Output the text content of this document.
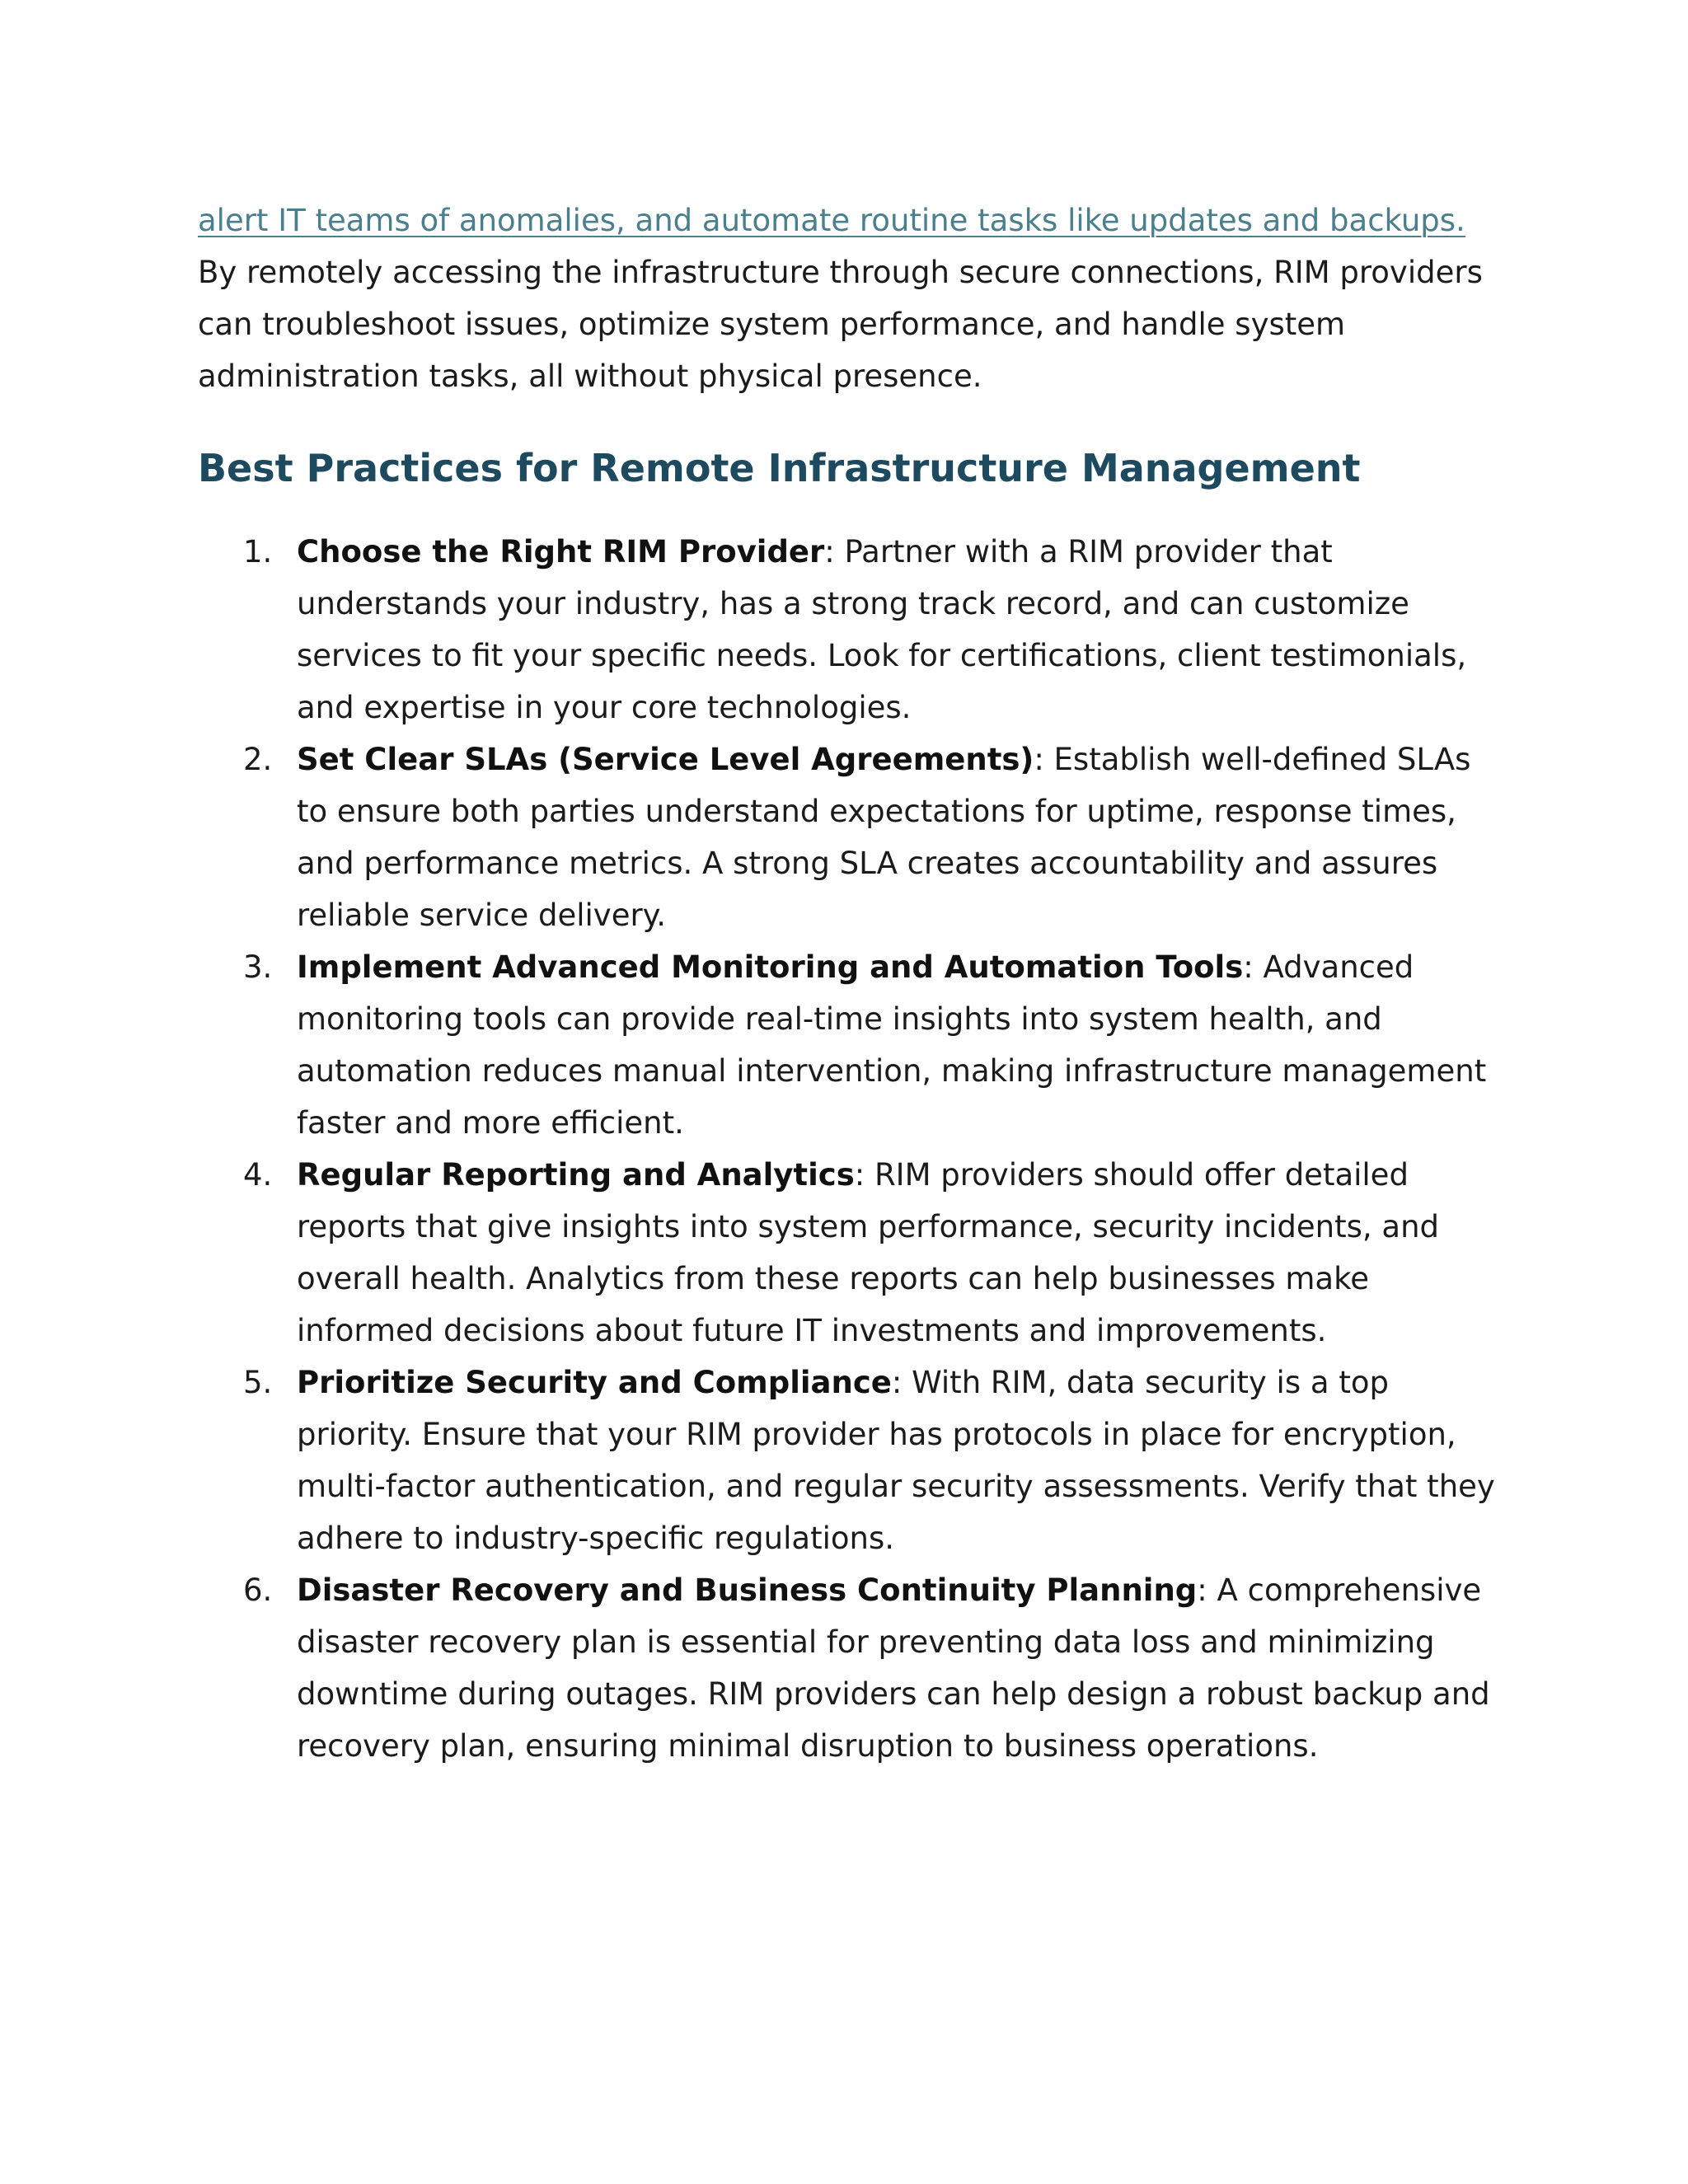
alert IT teams of anomalies, and automate routine tasks like updates and backups.
By remotely accessing the infrastructure through secure connections, RIM providers can troubleshoot issues, optimize system performance, and handle system administration tasks, all without physical presence.
Best Practices for Remote Infrastructure Management
1. Choose the Right RIM Provider: Partner with a RIM provider that understands your industry, has a strong track record, and can customize services to fit your specific needs. Look for certifications, client testimonials, and expertise in your core technologies.
2. Set Clear SLAs (Service Level Agreements): Establish well-defined SLAs to ensure both parties understand expectations for uptime, response times, and performance metrics. A strong SLA creates accountability and assures reliable service delivery.
3. Implement Advanced Monitoring and Automation Tools: Advanced monitoring tools can provide real-time insights into system health, and automation reduces manual intervention, making infrastructure management faster and more efficient.
4. Regular Reporting and Analytics: RIM providers should offer detailed reports that give insights into system performance, security incidents, and overall health. Analytics from these reports can help businesses make informed decisions about future IT investments and improvements.
5. Prioritize Security and Compliance: With RIM, data security is a top priority. Ensure that your RIM provider has protocols in place for encryption, multi-factor authentication, and regular security assessments. Verify that they adhere to industry-specific regulations.
6. Disaster Recovery and Business Continuity Planning: A comprehensive disaster recovery plan is essential for preventing data loss and minimizing downtime during outages. RIM providers can help design a robust backup and recovery plan, ensuring minimal disruption to business operations.
